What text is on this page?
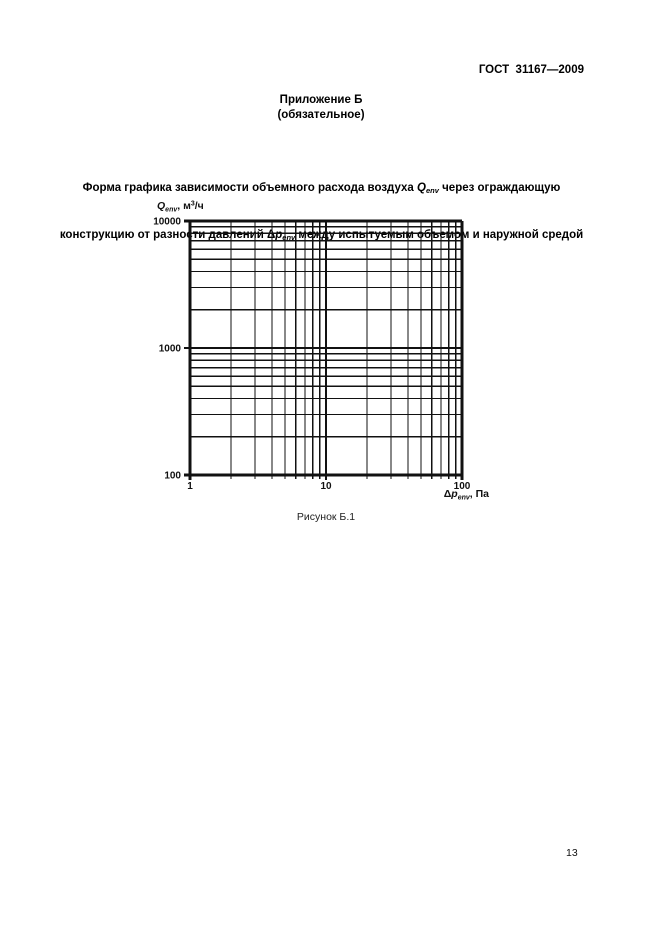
ГОСТ  31167—2009
Приложение Б
(обязательное)

Форма графика зависимости объемного расхода воздуха $Q_{env}$ через ограждающую

конструкцию от разности давлений $\Delta p_{env}$ между испытуемым объемом и наружной средой

1	10	100
100
1000
10000
$Q_{env}$, $м^3/ч$
$\Delta p_{env}$, Па
Рисунок Б.1
13
